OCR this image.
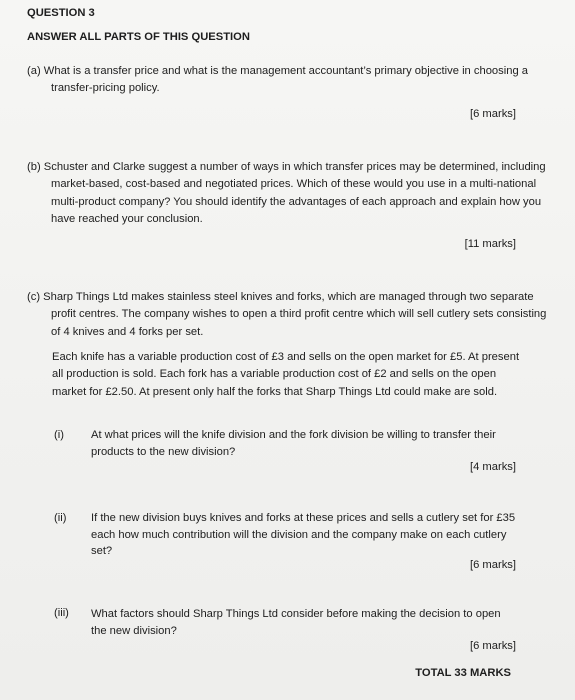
QUESTION 3
ANSWER ALL PARTS OF THIS QUESTION
(a) What is a transfer price and what is the management accountant’s primary objective in choosing a transfer-pricing policy.
[6 marks]
(b) Schuster and Clarke suggest a number of ways in which transfer prices may be determined, including market-based, cost-based and negotiated prices. Which of these would you use in a multi-national multi-product company? You should identify the advantages of each approach and explain how you have reached your conclusion.
[11 marks]
(c) Sharp Things Ltd makes stainless steel knives and forks, which are managed through two separate profit centres. The company wishes to open a third profit centre which will sell cutlery sets consisting of 4 knives and 4 forks per set.
Each knife has a variable production cost of £3 and sells on the open market for £5. At present all production is sold. Each fork has a variable production cost of £2 and sells on the open market for £2.50. At present only half the forks that Sharp Things Ltd could make are sold.
(i) At what prices will the knife division and the fork division be willing to transfer their products to the new division?
[4 marks]
(ii) If the new division buys knives and forks at these prices and sells a cutlery set for £35 each how much contribution will the division and the company make on each cutlery set?
[6 marks]
(iii) What factors should Sharp Things Ltd consider before making the decision to open the new division?
[6 marks]
TOTAL 33 MARKS
